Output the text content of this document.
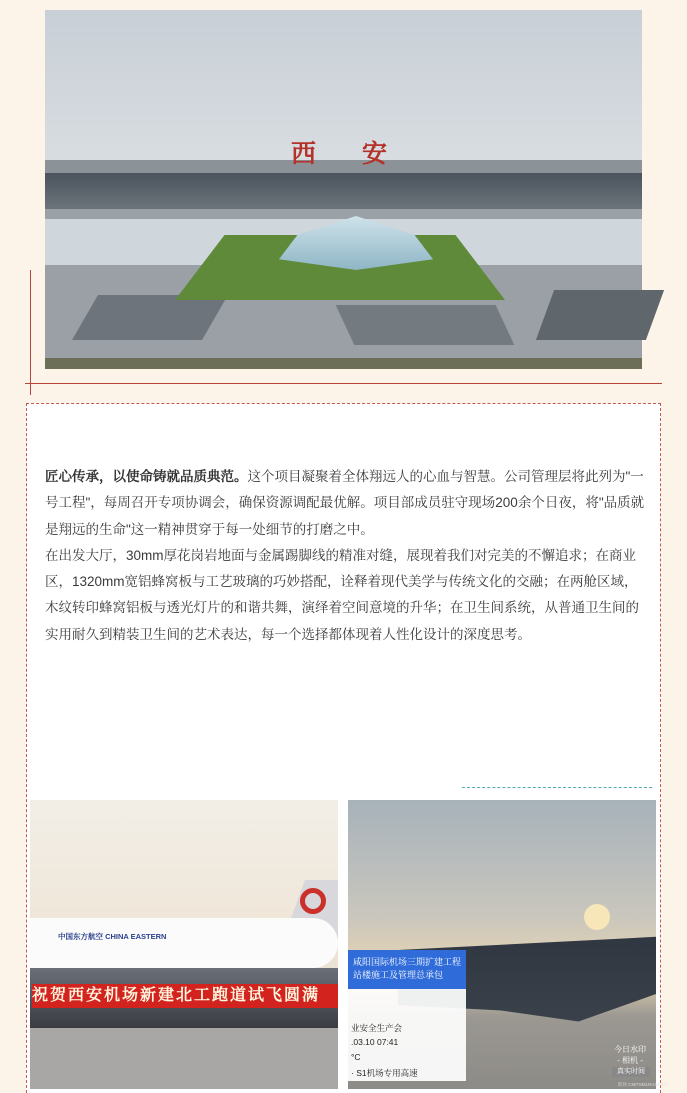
西安

匠心传承，以使命铸就品质典范。这个项目凝聚着全体翔远人的心血与智慧。公司管理层将此列为"一号工程"，每周召开专项协调会，确保资源调配最优解。项目部成员驻守现场200余个日夜，将"品质就是翔远的生命"这一精神贯穿于每一处细节的打磨之中。

在出发大厅，30mm厚花岗岩地面与金属踢脚线的精准对缝，展现着我们对完美的不懈追求；在商业区，1320mm宽铝蜂窝板与工艺玻璃的巧妙搭配，诠释着现代美学与传统文化的交融；在两舱区域，木纹转印蜂窝铝板与透光灯片的和谐共舞，演绎着空间意境的升华；在卫生间系统，从普通卫生间的实用耐久到精装卫生间的艺术表达，每一个选择都体现着人性化设计的深度思考。

中国东方航空 CHINA EASTERN
祝贺西安机场新建北工跑道试飞圆满
咸阳国际机场三期扩建工程站楼施工及管理总承包
业安全生产会
.03.10 07:41
°C
· S1机场专用高速
今日水印
- 相机 -
真实时间
防伪 CMIT6M1RA348FV
